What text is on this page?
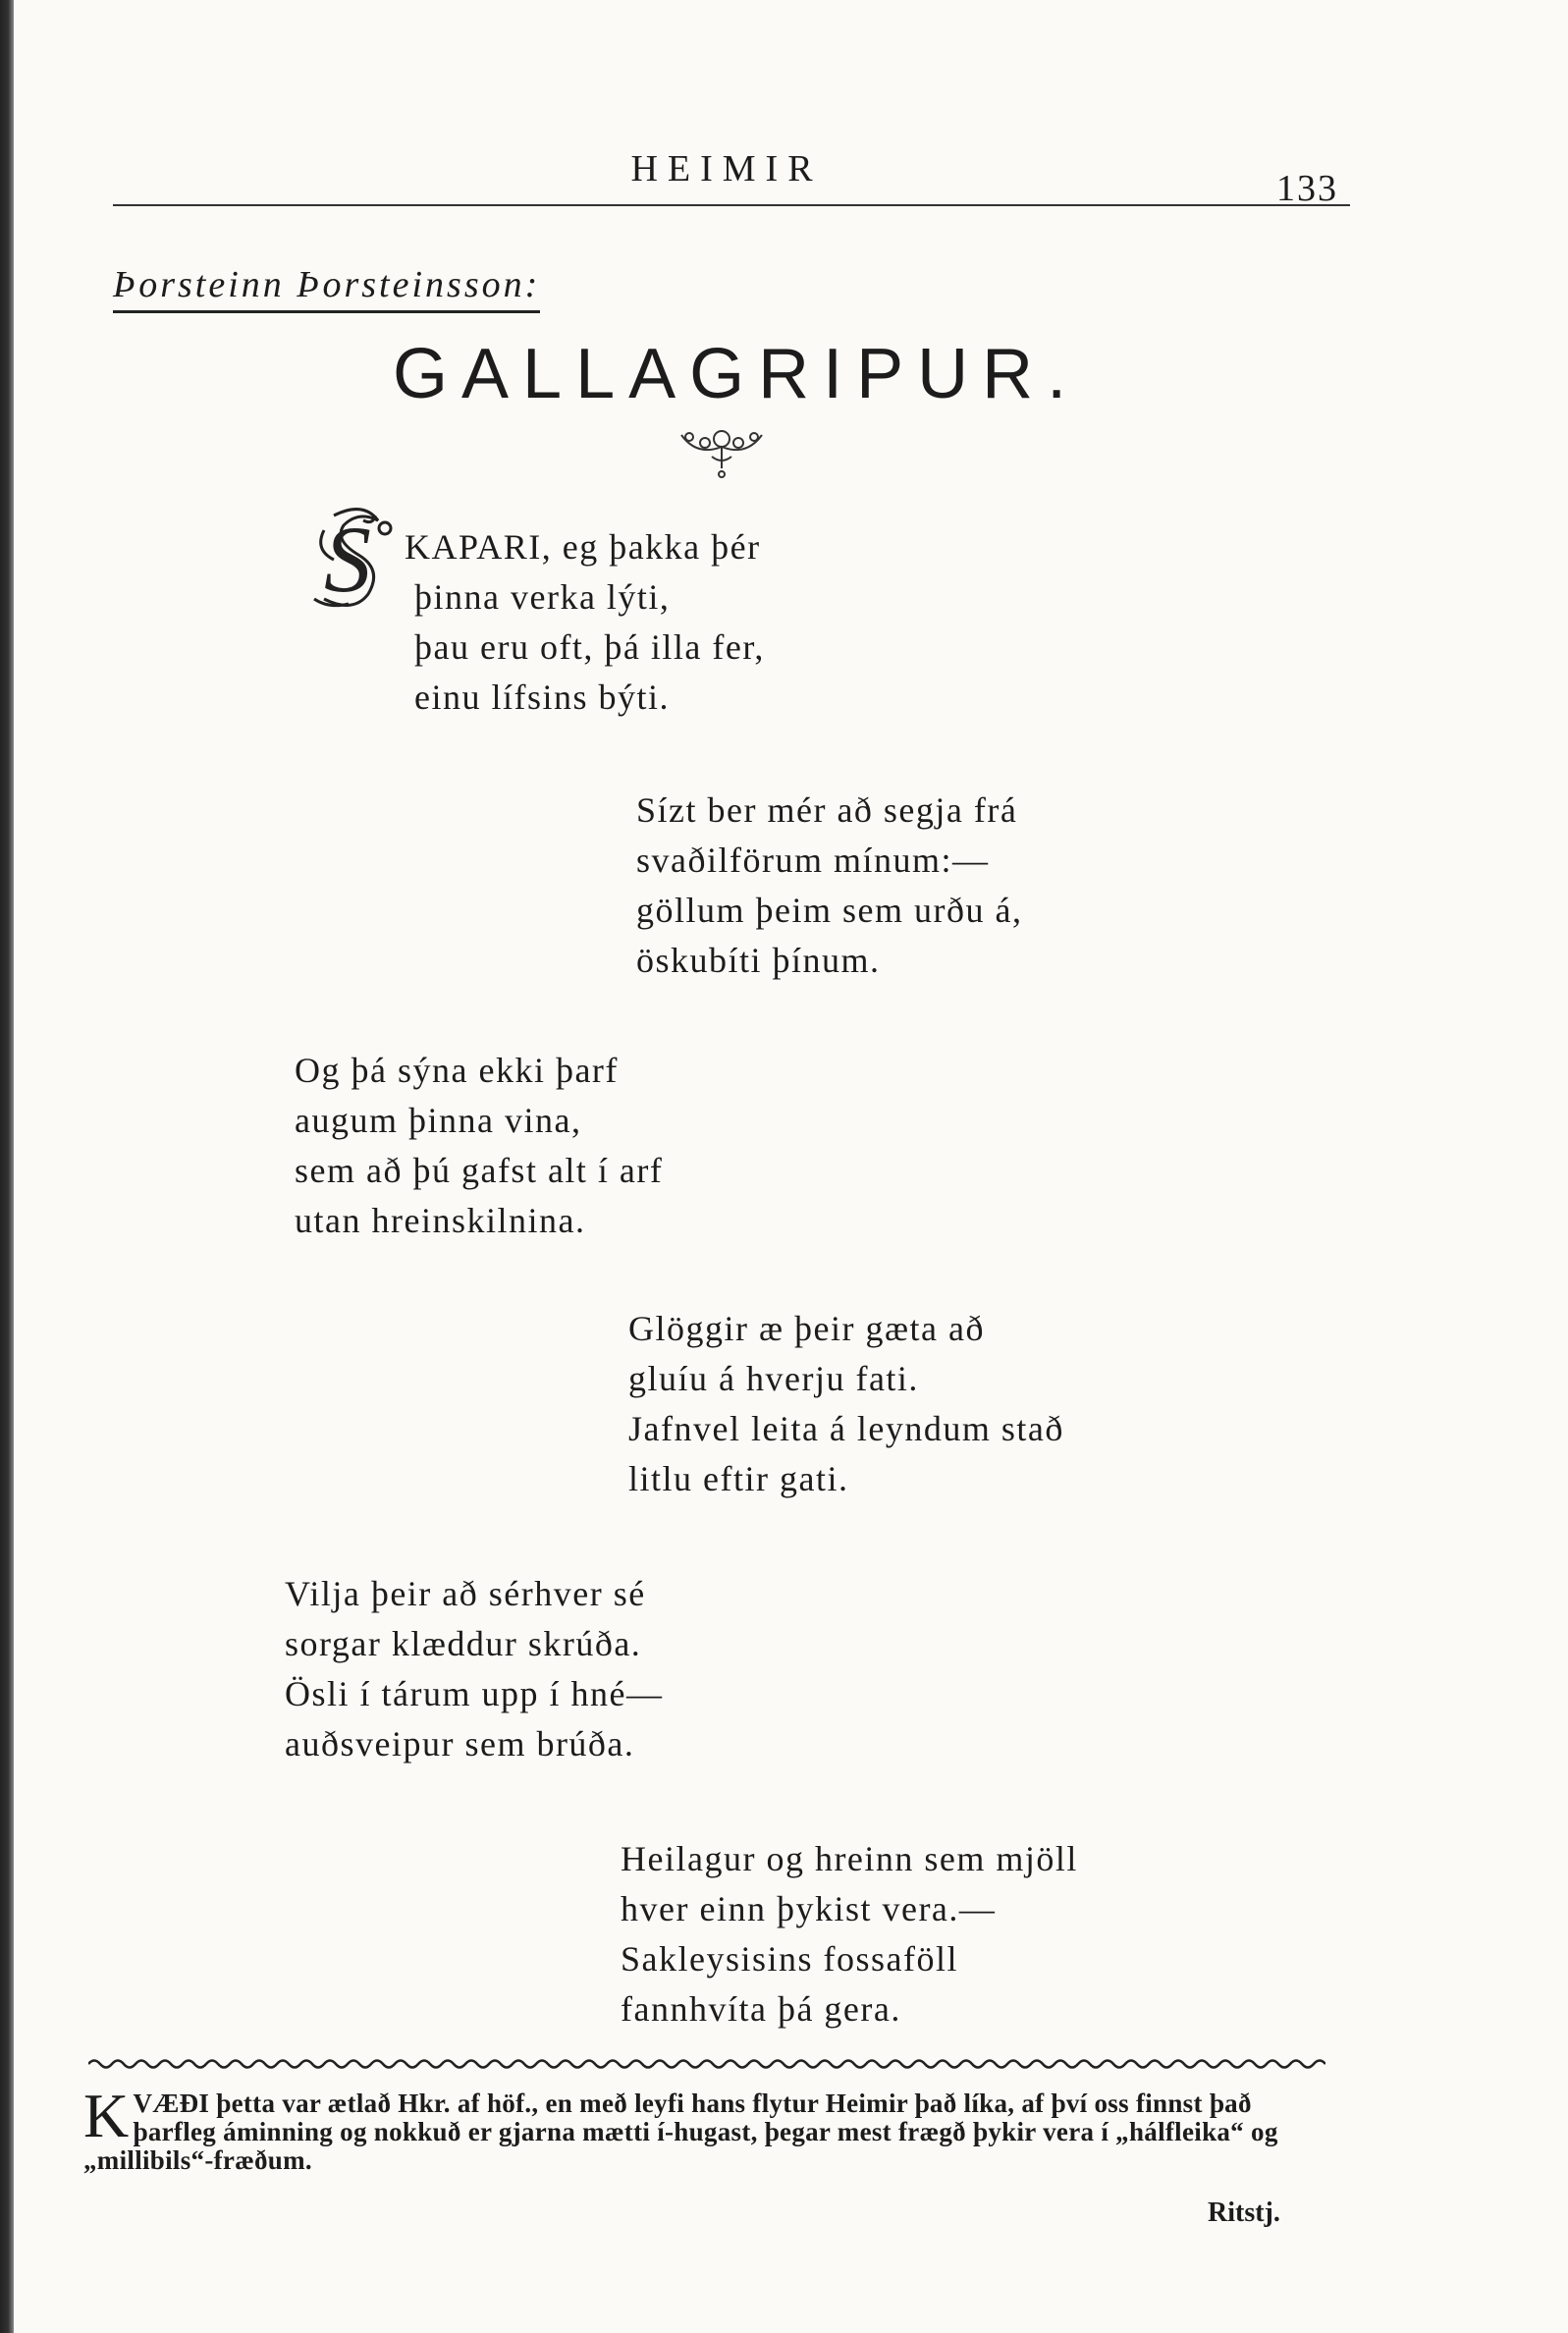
HEIMIR	133
Þorsteinn Þorsteinsson:
GALLAGRIPUR.
S KAPARI, eg þakka þér
þinna verka lýti,
þau eru oft, þá illa fer,
einu lífsins býti.
Sízt ber mér að segja frá
svaðilförum mínum:—
göllum þeim sem urðu á,
öskubíti þínum.
Og þá sýna ekki þarf
augum þinna vina,
sem að þú gafst alt í arf
utan hreinskilnina.
Glöggir æ þeir gæta að
gluíu á hverju fati.
Jafnvel leita á leyndum stað
litlu eftir gati.
Vilja þeir að sérhver sé
sorgar klæddur skrúða.
Ösli í tárum upp í hné—
auðsveipur sem brúða.
Heilagur og hreinn sem mjöll
hver einn þykist vera.—
Sakleysisins fossaföll
fannhvíta þá gera.
K VÆÐI þetta var ætlað Hkr. af höf., en með leyfi hans flytur Heimir það líka, af því oss finnst það þarfleg áminning og nokkuð er gjarna mætti í-hugast, þegar mest frægð þykir vera í „hálfleika“ og „millibils“-fræðum.
Ritstj.
